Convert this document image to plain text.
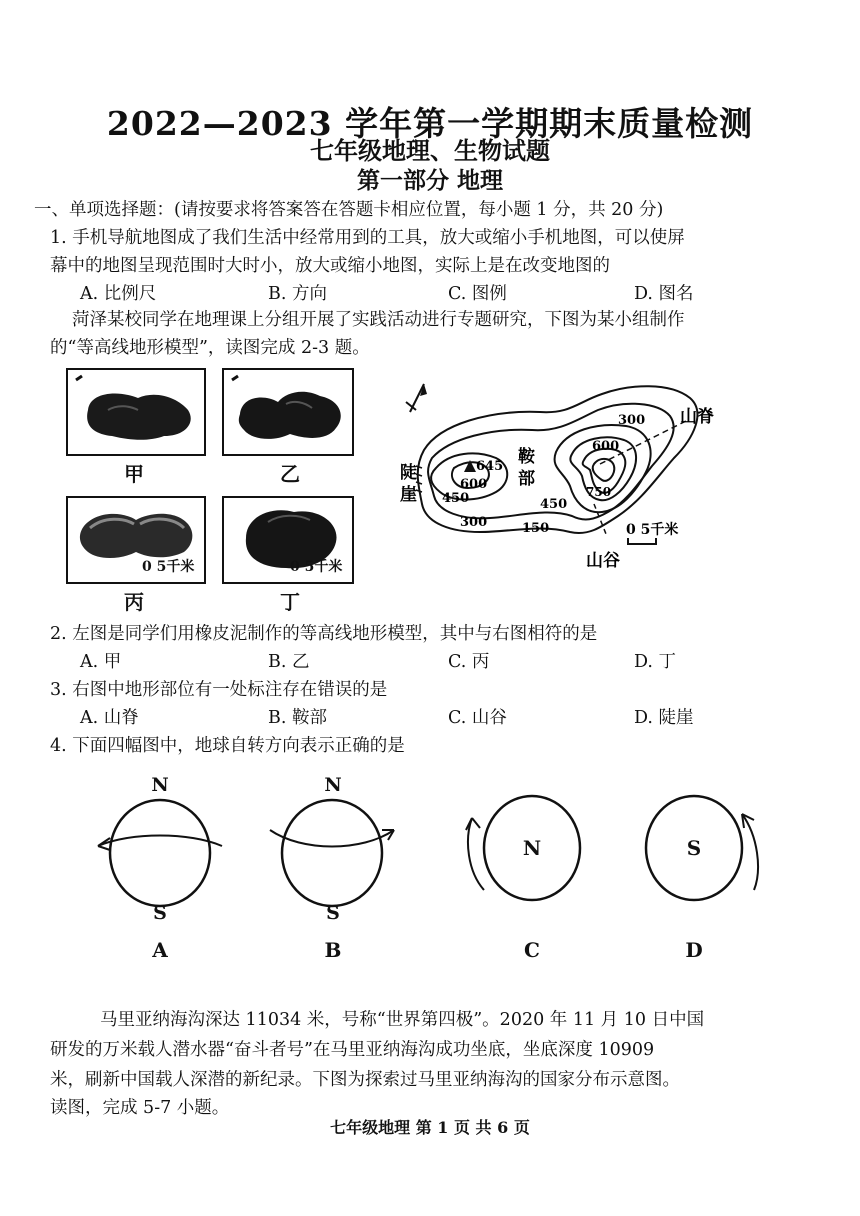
2022—2023 学年第一学期期末质量检测
七年级地理、生物试题
第一部分 地理
一、单项选择题：(请按要求将答案答在答题卡相应位置，每小题 1 分，共 20 分)
1. 手机导航地图成了我们生活中经常用到的工具，放大或缩小手机地图，可以使屏
幕中的地图呈现范围时大时小，放大或缩小地图，实际上是在改变地图的
A. 比例尺	B. 方向	C. 图例	D. 图名
菏泽某校同学在地理课上分组开展了实践活动进行专题研究，下图为某小组制作
的“等高线地形模型”，读图完成 2-3 题。
甲	乙
丙	丁
0 5千米	0 5千米
山脊
鞍
部
陡
崖
山谷
645
300
300
600
600
450	450
150
750
0 5千米
2. 左图是同学们用橡皮泥制作的等高线地形模型，其中与右图相符的是
A. 甲	B. 乙	C. 丙	D. 丁
3. 右图中地形部位有一处标注存在错误的是
A. 山脊	B. 鞍部	C. 山谷	D. 陡崖
4. 下面四幅图中，地球自转方向表示正确的是
N
S
A
N
S
B
N
C
S
D
马里亚纳海沟深达 11034 米，号称“世界第四极”。2020 年 11 月 10 日中国
研发的万米载人潜水器“奋斗者号”在马里亚纳海沟成功坐底，坐底深度 10909
米，刷新中国载人深潜的新纪录。下图为探索过马里亚纳海沟的国家分布示意图。
读图，完成 5-7 小题。
七年级地理 第 1 页 共 6 页
